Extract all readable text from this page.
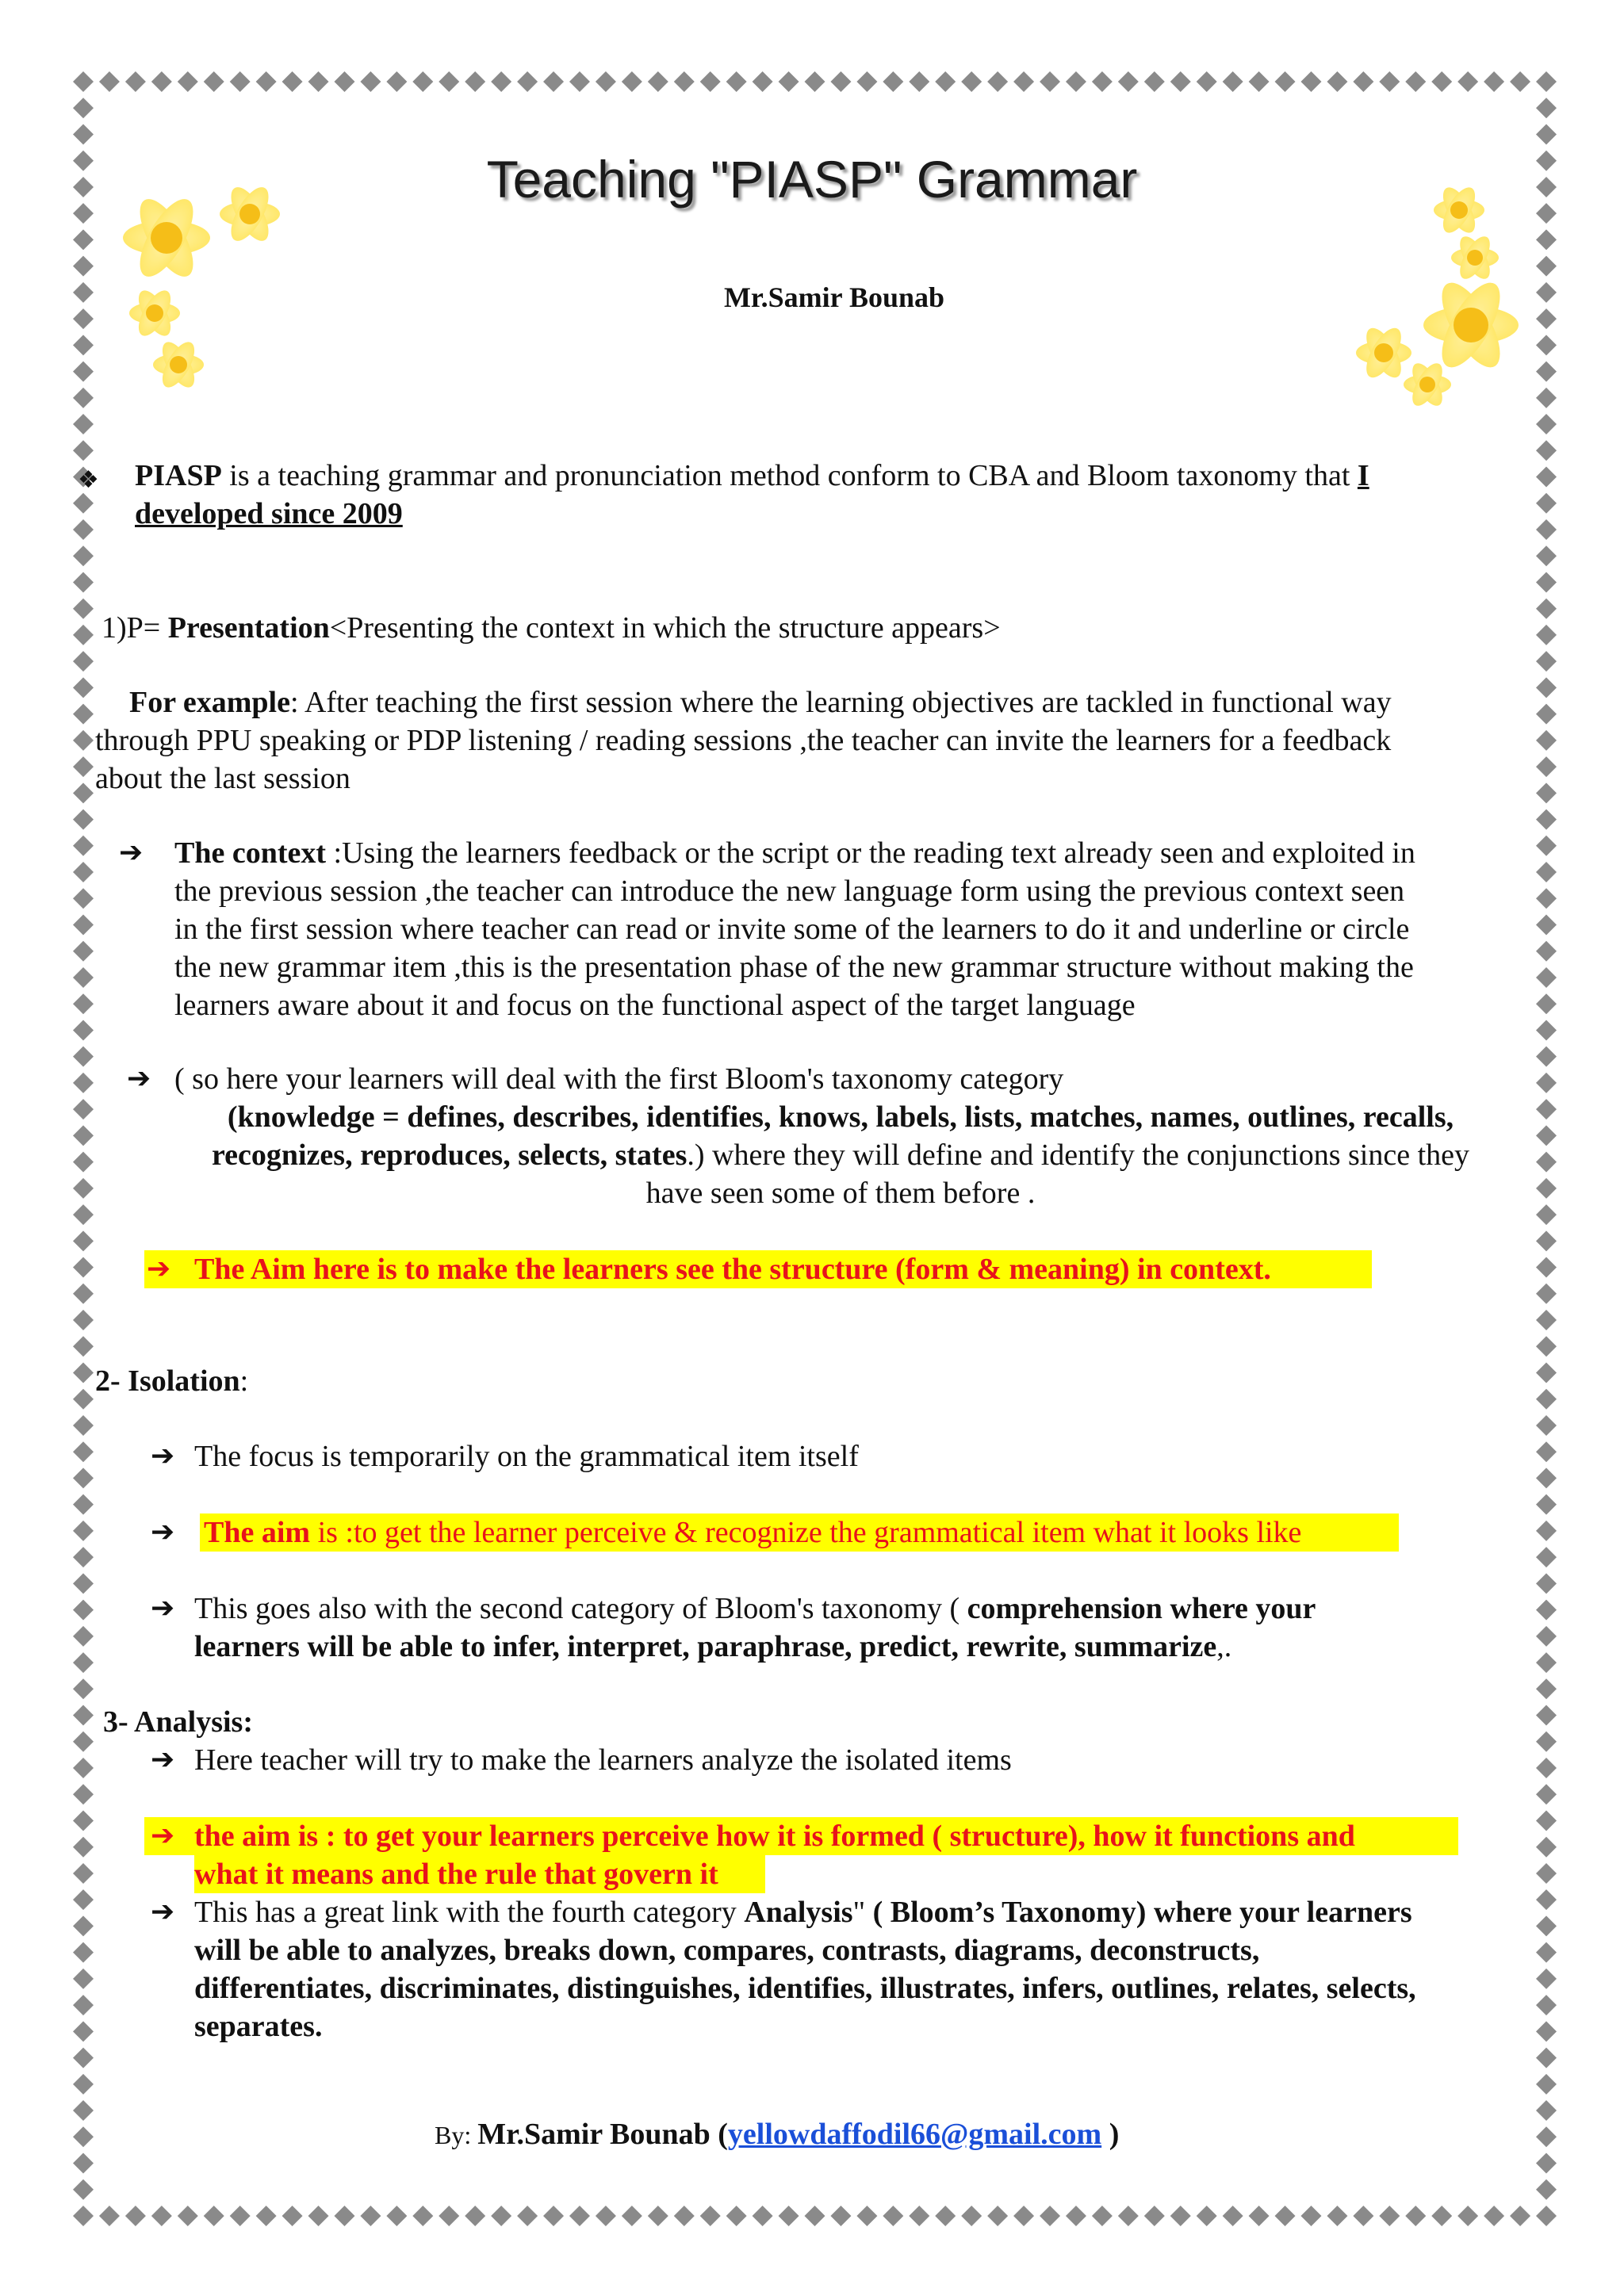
Teaching "PIASP" Grammar
Mr.Samir Bounab
❖ PIASP is a teaching grammar and pronunciation method conform to CBA and Bloom taxonomy that I developed since 2009
1)P= Presentation<Presenting the context in which the structure appears>
For example: After teaching the first session where the learning objectives are tackled in functional way
through PPU speaking or PDP listening / reading sessions ,the teacher can invite the learners for a feedback
about the last session
➔ The context :Using the learners feedback or the script or the reading text already seen and exploited in
the previous session ,the teacher can introduce the new language form using the previous context seen
in the first session where teacher can read or invite some of the learners to do it and underline or circle
the new grammar item ,this is the presentation phase of the new grammar structure without making the
learners aware about it and focus on the functional aspect of the target language
➔ ( so here your learners will deal with the first Bloom's taxonomy category
(knowledge = defines, describes, identifies, knows, labels, lists, matches, names, outlines, recalls,
recognizes, reproduces, selects, states.) where they will define and identify the conjunctions since they
have seen some of them before .
➔ The Aim here is to make the learners see the structure (form & meaning) in context.
2- Isolation:
➔ The focus is temporarily on the grammatical item itself
➔ The aim is :to get the learner perceive & recognize the grammatical item what it looks like
➔ This goes also with the second category of Bloom's taxonomy ( comprehension where your
learners will be able to infer, interpret, paraphrase, predict, rewrite, summarize,.
3- Analysis:
➔ Here teacher will try to make the learners analyze the isolated items
➔ the aim is : to get your learners perceive how it is formed ( structure), how it functions and
what it means and the rule that govern it
➔ This has a great link with the fourth category Analysis" ( Bloom’s Taxonomy) where your learners
will be able to analyzes, breaks down, compares, contrasts, diagrams, deconstructs,
differentiates, discriminates, distinguishes, identifies, illustrates, infers, outlines, relates, selects,
separates.
By: Mr.Samir Bounab (yellowdaffodil66@gmail.com )
